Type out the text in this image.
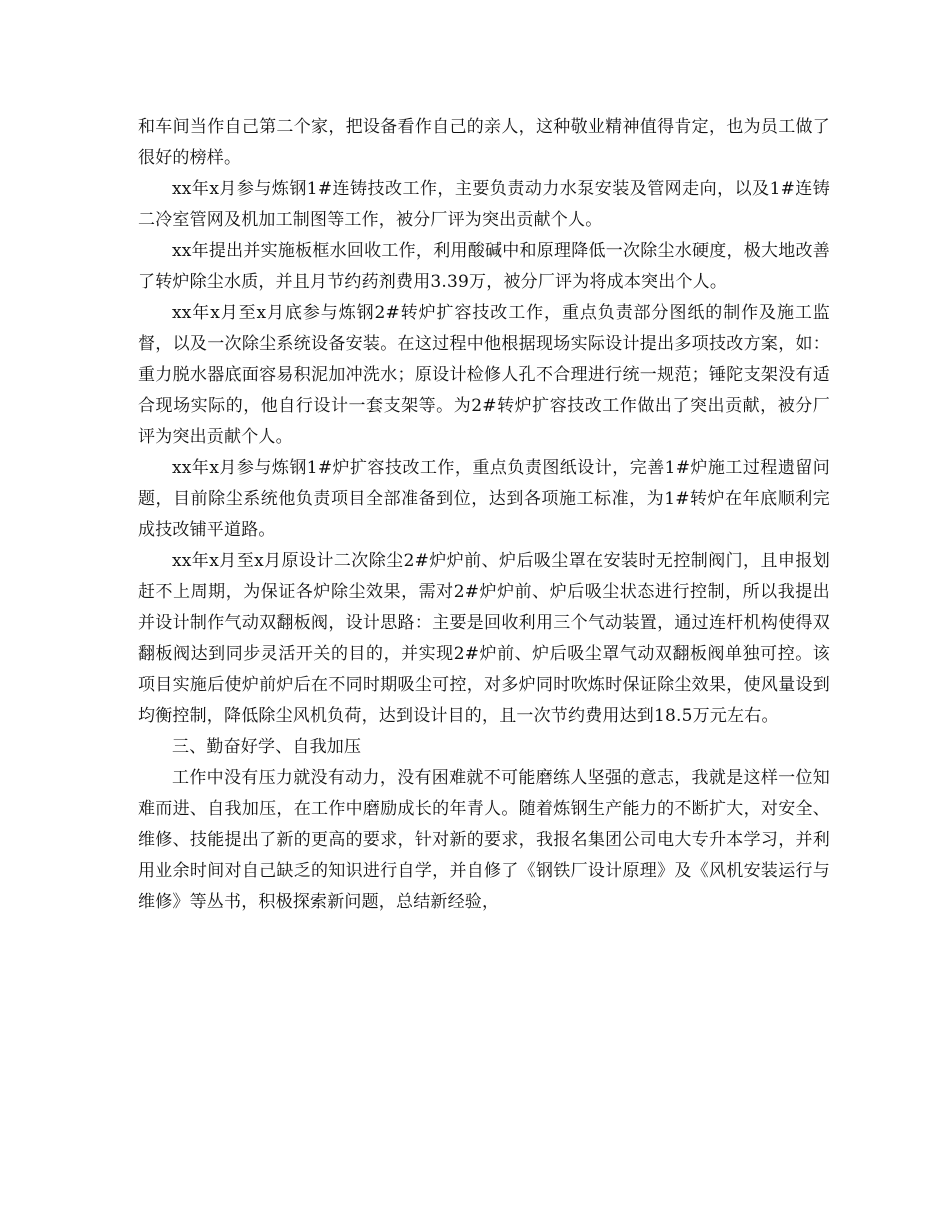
和车间当作自己第二个家，把设备看作自己的亲人，这种敬业精神值得肯定，也为员工做了很好的榜样。

xx年x月参与炼钢1#连铸技改工作，主要负责动力水泵安装及管网走向，以及1#连铸二冷室管网及机加工制图等工作，被分厂评为突出贡献个人。

xx年提出并实施板框水回收工作，利用酸碱中和原理降低一次除尘水硬度，极大地改善了转炉除尘水质，并且月节约药剂费用3.39万，被分厂评为将成本突出个人。

xx年x月至x月底参与炼钢2#转炉扩容技改工作，重点负责部分图纸的制作及施工监督，以及一次除尘系统设备安装。在这过程中他根据现场实际设计提出多项技改方案，如：重力脱水器底面容易积泥加冲洗水；原设计检修人孔不合理进行统一规范；锤陀支架没有适合现场实际的，他自行设计一套支架等。为2#转炉扩容技改工作做出了突出贡献，被分厂评为突出贡献个人。

xx年x月参与炼钢1#炉扩容技改工作，重点负责图纸设计，完善1#炉施工过程遗留问题，目前除尘系统他负责项目全部准备到位，达到各项施工标准，为1#转炉在年底顺利完成技改铺平道路。

xx年x月至x月原设计二次除尘2#炉炉前、炉后吸尘罩在安装时无控制阀门，且申报划赶不上周期，为保证各炉除尘效果，需对2#炉炉前、炉后吸尘状态进行控制，所以我提出并设计制作气动双翻板阀，设计思路：主要是回收利用三个气动装置，通过连杆机构使得双翻板阀达到同步灵活开关的目的，并实现2#炉前、炉后吸尘罩气动双翻板阀单独可控。该项目实施后使炉前炉后在不同时期吸尘可控，对多炉同时吹炼时保证除尘效果，使风量设到均衡控制，降低除尘风机负荷，达到设计目的，且一次节约费用达到18.5万元左右。

三、勤奋好学、自我加压

工作中没有压力就没有动力，没有困难就不可能磨练人坚强的意志，我就是这样一位知难而进、自我加压，在工作中磨励成长的年青人。随着炼钢生产能力的不断扩大，对安全、维修、技能提出了新的更高的要求，针对新的要求，我报名集团公司电大专升本学习，并利用业余时间对自己缺乏的知识进行自学，并自修了《钢铁厂设计原理》及《风机安装运行与维修》等丛书，积极探索新问题，总结新经验，
